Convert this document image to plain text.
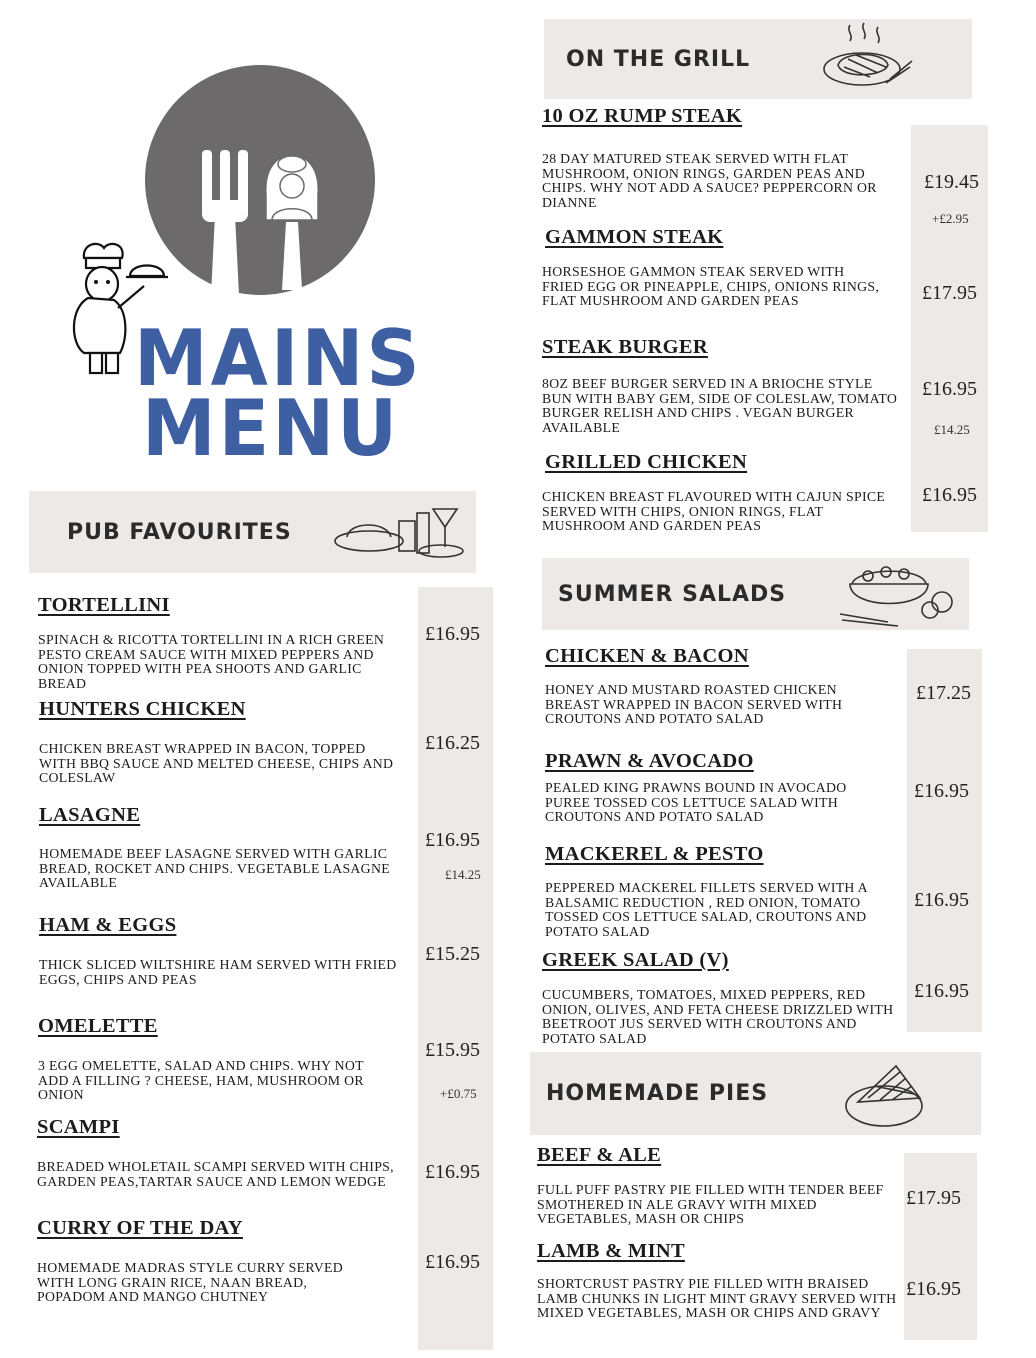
MAINS
MENU
PUB FAVOURITES
TORTELLINI
SPINACH & RICOTTA TORTELLINI IN A RICH GREEN PESTO CREAM SAUCE WITH MIXED PEPPERS AND ONION TOPPED WITH PEA SHOOTS AND GARLIC BREAD
£16.95
HUNTERS CHICKEN
CHICKEN BREAST WRAPPED IN BACON, TOPPED WITH BBQ SAUCE AND MELTED CHEESE, CHIPS AND COLESLAW
£16.25
LASAGNE
HOMEMADE BEEF LASAGNE SERVED WITH GARLIC BREAD, ROCKET AND CHIPS. VEGETABLE LASAGNE AVAILABLE
£16.95
£14.25
HAM & EGGS
THICK SLICED WILTSHIRE HAM SERVED WITH FRIED EGGS, CHIPS AND PEAS
£15.25
OMELETTE
3 EGG OMELETTE, SALAD AND CHIPS. WHY NOT ADD A FILLING ? CHEESE, HAM, MUSHROOM OR ONION
£15.95
+£0.75
SCAMPI
BREADED WHOLETAIL SCAMPI SERVED WITH CHIPS, GARDEN PEAS,TARTAR SAUCE AND LEMON WEDGE	£16.95
CURRY OF THE DAY
HOMEMADE MADRAS STYLE CURRY SERVED WITH LONG GRAIN RICE, NAAN BREAD, POPADOM AND MANGO CHUTNEY
£16.95
ON THE GRILL
10 OZ RUMP STEAK
28 DAY MATURED STEAK SERVED WITH FLAT MUSHROOM, ONION RINGS, GARDEN PEAS AND CHIPS. WHY NOT ADD A SAUCE? PEPPERCORN OR DIANNE
£19.45
+£2.95
GAMMON STEAK
HORSESHOE GAMMON STEAK SERVED WITH FRIED EGG OR PINEAPPLE, CHIPS, ONIONS RINGS, FLAT MUSHROOM AND GARDEN PEAS	£17.95
STEAK BURGER
8OZ BEEF BURGER SERVED IN A BRIOCHE STYLE BUN WITH BABY GEM, SIDE OF COLESLAW, TOMATO BURGER RELISH AND CHIPS . VEGAN BURGER AVAILABLE
£16.95
£14.25
GRILLED CHICKEN
CHICKEN BREAST FLAVOURED WITH CAJUN SPICE SERVED WITH CHIPS, ONION RINGS, FLAT MUSHROOM AND GARDEN PEAS
£16.95
SUMMER SALADS
CHICKEN & BACON
HONEY AND MUSTARD ROASTED CHICKEN BREAST WRAPPED IN BACON SERVED WITH CROUTONS AND POTATO SALAD
£17.25
PRAWN & AVOCADO
PEALED KING PRAWNS BOUND IN AVOCADO PUREE TOSSED COS LETTUCE SALAD WITH CROUTONS AND POTATO SALAD
£16.95
MACKEREL & PESTO
PEPPERED MACKEREL FILLETS SERVED WITH A BALSAMIC REDUCTION , RED ONION, TOMATO TOSSED COS LETTUCE SALAD, CROUTONS AND POTATO SALAD
£16.95
GREEK SALAD (V)
CUCUMBERS, TOMATOES, MIXED PEPPERS, RED ONION, OLIVES, AND FETA CHEESE DRIZZLED WITH BEETROOT JUS SERVED WITH CROUTONS AND POTATO SALAD
£16.95
HOMEMADE PIES
BEEF & ALE
FULL PUFF PASTRY PIE FILLED WITH TENDER BEEF SMOTHERED IN ALE GRAVY WITH MIXED VEGETABLES, MASH OR CHIPS
£17.95
LAMB & MINT
SHORTCRUST PASTRY PIE FILLED WITH BRAISED LAMB CHUNKS IN LIGHT MINT GRAVY SERVED WITH MIXED VEGETABLES, MASH OR CHIPS AND GRAVY
£16.95
